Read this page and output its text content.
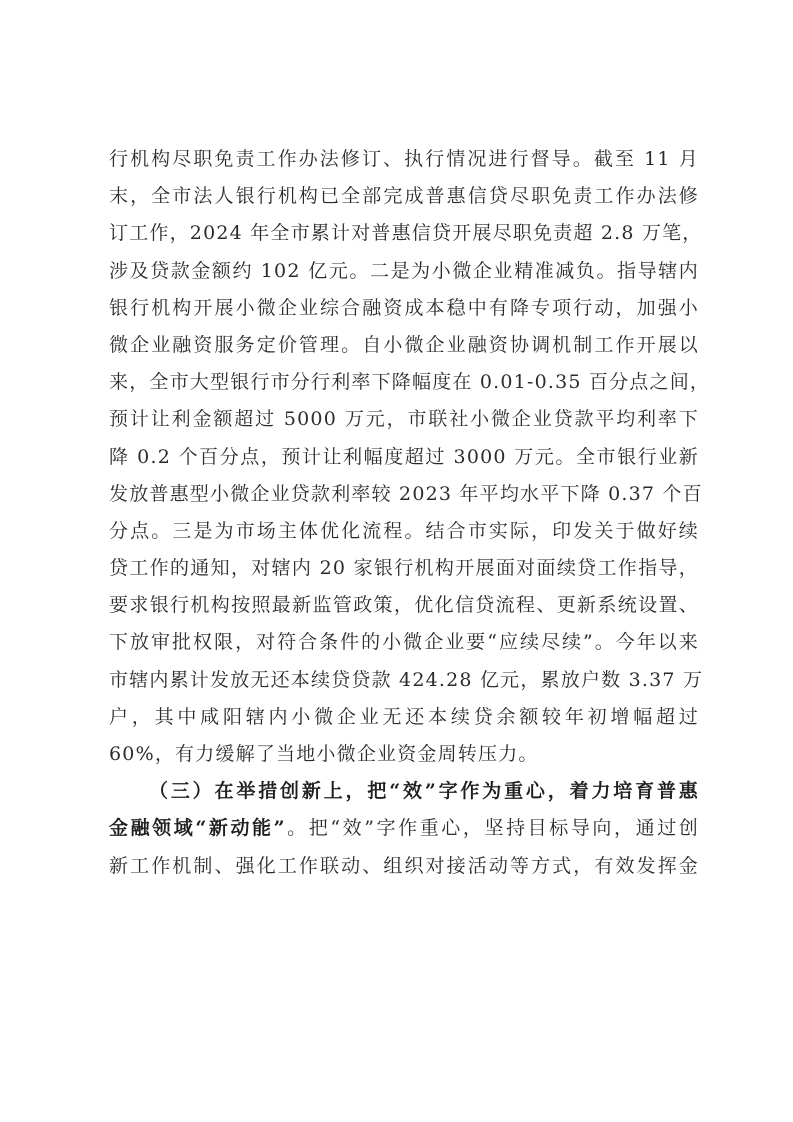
行机构尽职免责工作办法修订、执行情况进行督导。截至 11 月
末，全市法人银行机构已全部完成普惠信贷尽职免责工作办法修
订工作，2024 年全市累计对普惠信贷开展尽职免责超 2.8 万笔，
涉及贷款金额约 102 亿元。二是为小微企业精准减负。指导辖内
银行机构开展小微企业综合融资成本稳中有降专项行动，加强小
微企业融资服务定价管理。自小微企业融资协调机制工作开展以
来，全市大型银行市分行利率下降幅度在 0.01-0.35 百分点之间，
预计让利金额超过 5000 万元，市联社小微企业贷款平均利率下
降 0.2 个百分点，预计让利幅度超过 3000 万元。全市银行业新
发放普惠型小微企业贷款利率较 2023 年平均水平下降 0.37 个百
分点。三是为市场主体优化流程。结合市实际，印发关于做好续
贷工作的通知，对辖内 20 家银行机构开展面对面续贷工作指导，
要求银行机构按照最新监管政策，优化信贷流程、更新系统设置、
下放审批权限，对符合条件的小微企业要“应续尽续”。今年以来
市辖内累计发放无还本续贷贷款 424.28 亿元，累放户数 3.37 万
户，其中咸阳辖内小微企业无还本续贷余额较年初增幅超过
60%，有力缓解了当地小微企业资金周转压力。
（三）在举措创新上，把“效”字作为重心，着力培育普惠
金融领域“新动能”。把“效”字作重心，坚持目标导向，通过创
新工作机制、强化工作联动、组织对接活动等方式，有效发挥金
